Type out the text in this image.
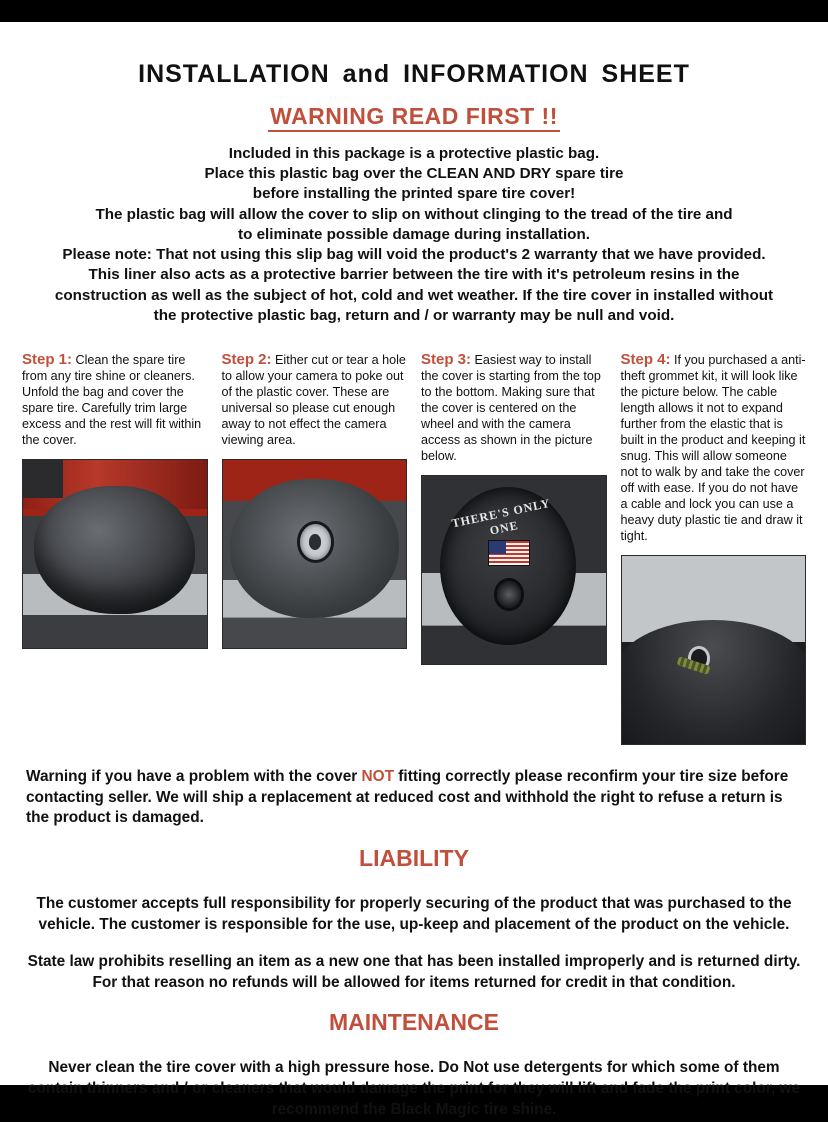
INSTALLATION and INFORMATION SHEET
WARNING READ FIRST !!

Included in this package is a protective plastic bag.

Place this plastic bag over the CLEAN AND DRY spare tire

before installing the printed spare tire cover!

The plastic bag will allow the cover to slip on without clinging to the tread of the tire and

to eliminate possible damage during installation.

Please note: That not using this slip bag will void the product's 2 warranty that we have provided.

This liner also acts as a protective barrier between the tire with it's petroleum resins in the

construction as well as the subject of hot, cold and wet weather. If the tire cover in installed without

the protective plastic bag, return and / or warranty may be null and void.

Step 1: Clean the spare tire from any tire shine or cleaners. Unfold the bag and cover the spare tire. Carefully trim large excess and the rest will fit within the cover.
Step 2: Either cut or tear a hole to allow your camera to poke out of the plastic cover. These are universal so please cut enough away to not effect the camera viewing area.
Step 3: Easiest way to install the cover is starting from the top to the bottom. Making sure that the cover is centered on the wheel and with the camera access as shown in the picture below.
THERE'S ONLY ONE
Step 4: If you purchased a anti-theft grommet kit, it will look like the picture below. The cable length allows it not to expand further from the elastic that is built in the product and keeping it snug. This will allow someone not to walk by and take the cover off with ease. If you do not have a cable and lock you can use a heavy duty plastic tie and draw it tight.
Warning if you have a problem with the cover NOT fitting correctly please reconfirm your tire size before contacting seller. We will ship a replacement at reduced cost and withhold the right to refuse a return is the product is damaged.
LIABILITY
The customer accepts full responsibility for properly securing of the product that was purchased to the vehicle. The customer is responsible for the use, up-keep and placement of the product on the vehicle.
State law prohibits reselling an item as a new one that has been installed improperly and is returned dirty. For that reason no refunds will be allowed for items returned for credit in that condition.
MAINTENANCE
Never clean the tire cover with a high pressure hose. Do Not use detergents for which some of them contain thinners and / or cleaners that would damage the print for they will lift and fade the print color, we recommend the Black Magic tire shine.
